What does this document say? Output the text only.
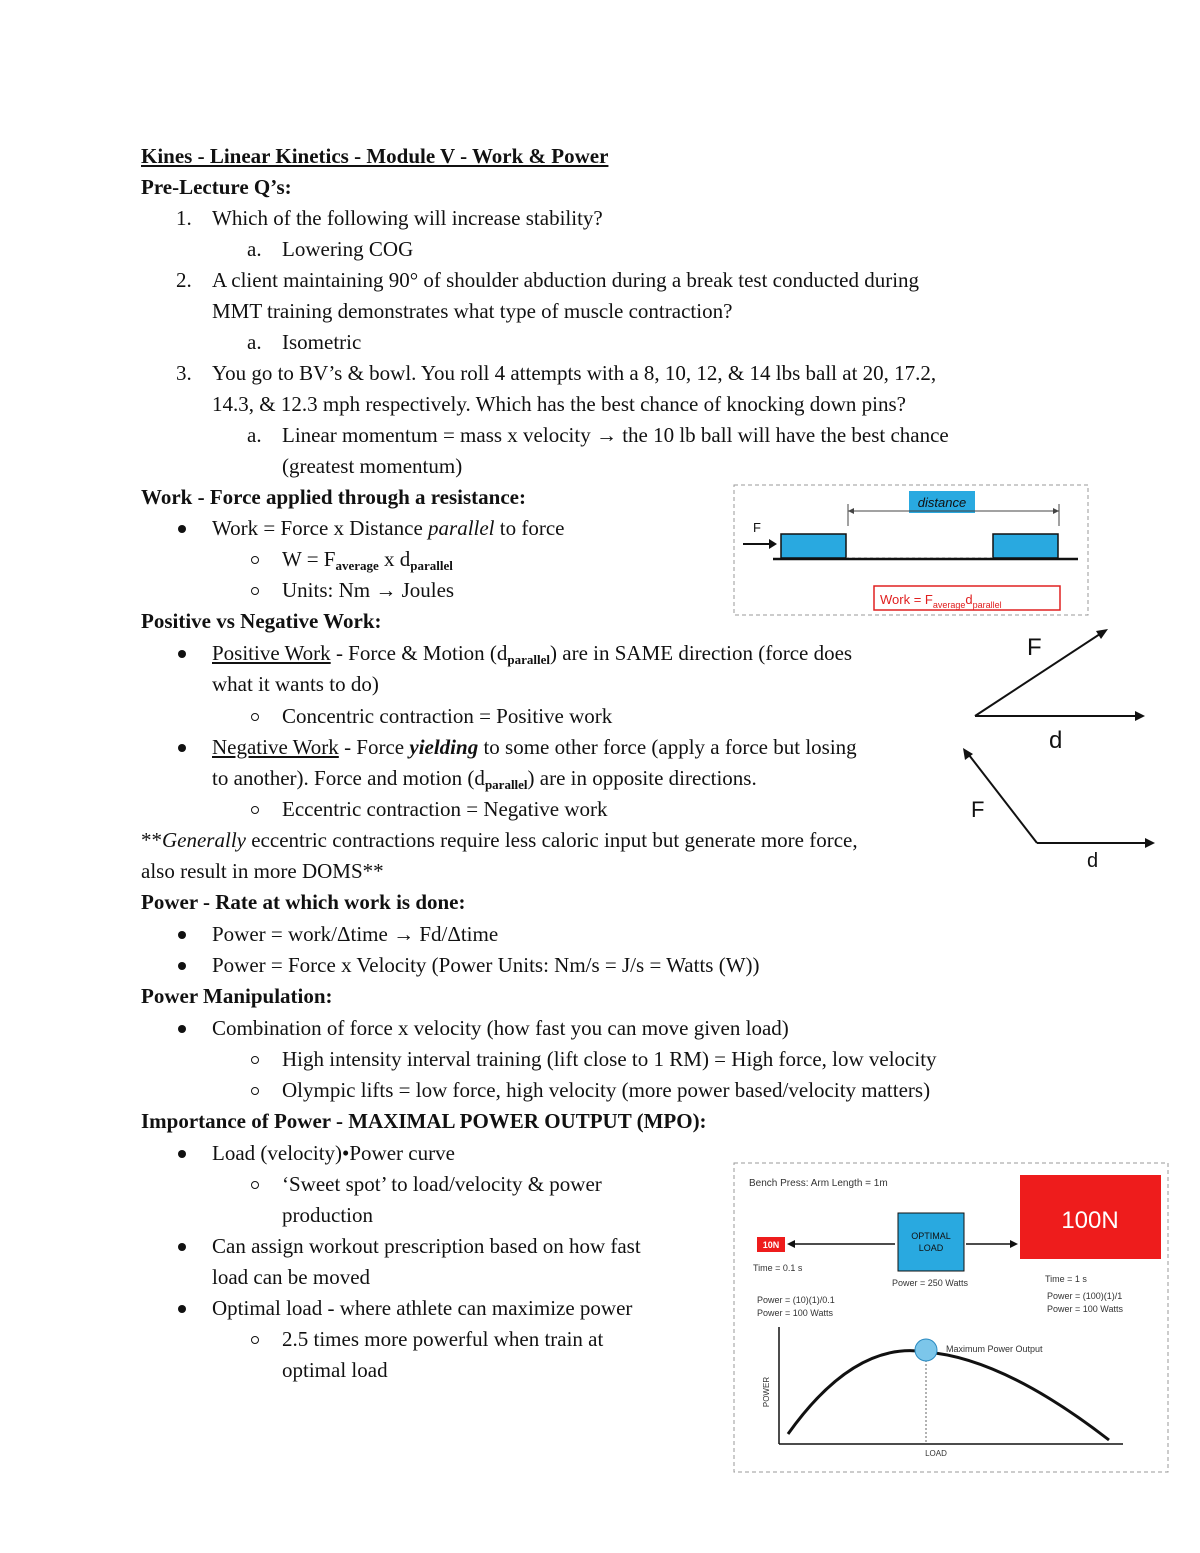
Kines - Linear Kinetics - Module V - Work & Power
Pre-Lecture Q’s:
1. Which of the following will increase stability?
a. Lowering COG
2. A client maintaining 90° of shoulder abduction during a break test conducted during
MMT training demonstrates what type of muscle contraction?
a. Isometric
3. You go to BV’s & bowl. You roll 4 attempts with a 8, 10, 12, & 14 lbs ball at 20, 17.2,
14.3, & 12.3 mph respectively. Which has the best chance of knocking down pins?
a. Linear momentum = mass x velocity → the 10 lb ball will have the best chance
(greatest momentum)
Work - Force applied through a resistance:
Work = Force x Distance parallel to force
$W = F_{average}$ x $d_{parallel}$
Units: Nm → Joules
Positive vs Negative Work:
Positive Work - Force & Motion $(d_{parallel})$ are in SAME direction (force does
what it wants to do)
Concentric contraction = Positive work
Negative Work - Force yielding to some other force (apply a force but losing
to another). Force and motion $(d_{parallel})$ are in opposite directions.
Eccentric contraction = Negative work
**Generally eccentric contractions require less caloric input but generate more force,
also result in more DOMS**
Power - Rate at which work is done:
Power = work/Δtime → Fd/Δtime
Power = Force x Velocity (Power Units: Nm/s = J/s = Watts (W))
Power Manipulation:
Combination of force x velocity (how fast you can move given load)
High intensity interval training (lift close to 1 RM) = High force, low velocity
Olympic lifts = low force, high velocity (more power based/velocity matters)
Importance of Power - MAXIMAL POWER OUTPUT (MPO):
Load (velocity)•Power curve
‘Sweet spot’ to load/velocity & power
production
Can assign workout prescription based on how fast
load can be moved
Optimal load - where athlete can maximize power
2.5 times more powerful when train at
optimal load
distance
F
Work = $F_{average}d_{parallel}$
F
d
F
d
Bench Press: Arm Length = 1m
100N
OPTIMAL
LOAD
10N
Time = 0.1 s
Power = (10)(1)/0.1
Power = 100 Watts
Power = 250 Watts	Time = 1 s
Power = (100)(1)/1
Power = 100 Watts
POWER
LOAD
Maximum Power Output
